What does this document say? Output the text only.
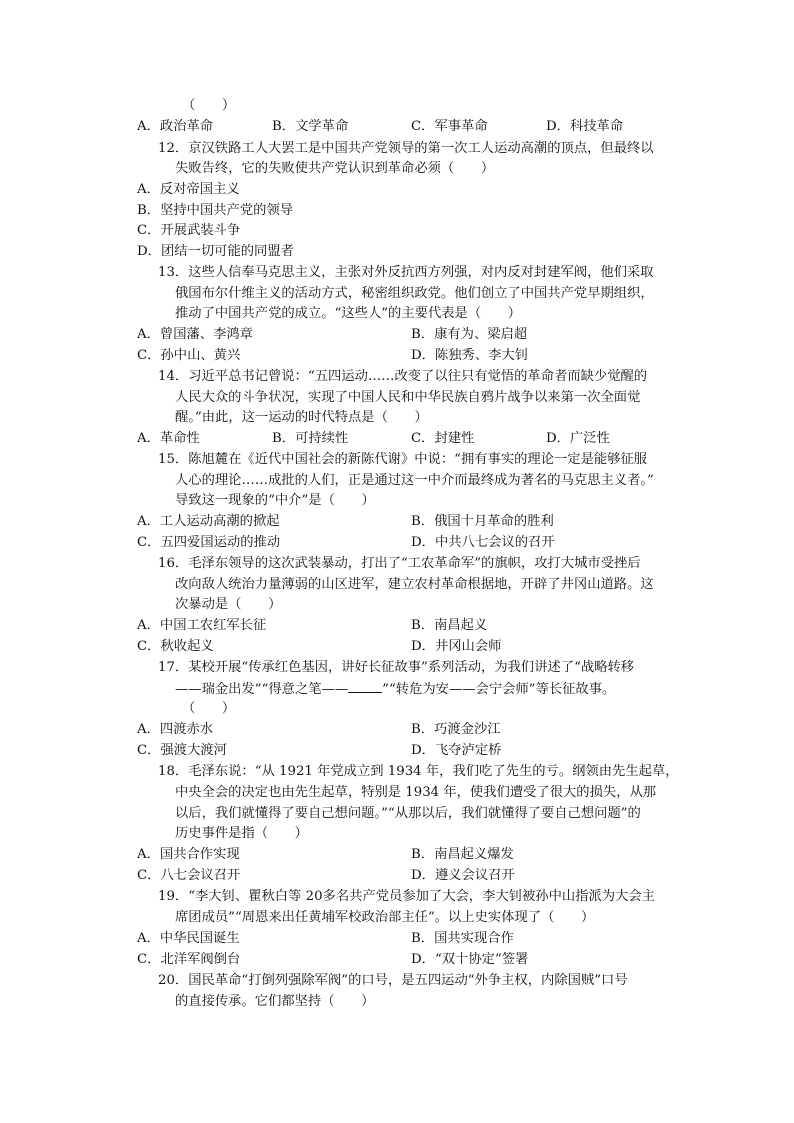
（　　）
A．政治革命	B．文学革命	C．军事革命	D．科技革命
12．京汉铁路工人大罢工是中国共产党领导的第一次工人运动高潮的顶点，但最终以
失败告终，它的失败使共产党认识到革命必须（　　）
A．反对帝国主义
B．坚持中国共产党的领导
C．开展武装斗争
D．团结一切可能的同盟者
13．这些人信奉马克思主义，主张对外反抗西方列强，对内反对封建军阀，他们采取
俄国布尔什维主义的活动方式，秘密组织政党。他们创立了中国共产党早期组织，
推动了中国共产党的成立。“这些人”的主要代表是（　　）
A．曾国藩、李鸿章	B．康有为、梁启超
C．孙中山、黄兴	D．陈独秀、李大钊
14．习近平总书记曾说：“五四运动……改变了以往只有觉悟的革命者而缺少觉醒的
人民大众的斗争状况，实现了中国人民和中华民族自鸦片战争以来第一次全面觉
醒。”由此，这一运动的时代特点是（　　）
A．革命性	B．可持续性	C．封建性	D．广泛性
15．陈旭麓在《近代中国社会的新陈代谢》中说：“拥有事实的理论一定是能够征服
人心的理论……成批的人们，正是通过这一中介而最终成为著名的马克思主义者。”
导致这一现象的“中介”是（　　）
A．工人运动高潮的掀起	B．俄国十月革命的胜利
C．五四爱国运动的推动	D．中共八七会议的召开
16．毛泽东领导的这次武装暴动，打出了“工农革命军”的旗帜，攻打大城市受挫后
改向敌人统治力量薄弱的山区进军，建立农村革命根据地，开辟了井冈山道路。这
次暴动是（　　）
A．中国工农红军长征	B．南昌起义
C．秋收起义	D．井冈山会师
17．某校开展“传承红色基因，讲好长征故事”系列活动，为我们讲述了“战略转移
——瑞金出发”“得意之笔——	”“转危为安——会宁会师”等长征故事。
（　　）
A．四渡赤水	B．巧渡金沙江
C．强渡大渡河	D．飞夺泸定桥
18．毛泽东说：“从 1921 年党成立到 1934 年，我们吃了先生的亏。纲领由先生起草，
中央全会的决定也由先生起草，特别是 1934 年，使我们遭受了很大的损失，从那
以后，我们就懂得了要自己想问题。”“从那以后，我们就懂得了要自己想问题”的
历史事件是指（　　）
A．国共合作实现	B．南昌起义爆发
C．八七会议召开	D．遵义会议召开
19．“李大钊、瞿秋白等 20多名共产党员参加了大会，李大钊被孙中山指派为大会主
席团成员”“周恩来出任黄埔军校政治部主任”。以上史实体现了（　　）
A．中华民国诞生	B．国共实现合作
C．北洋军阀倒台	D．“双十协定”签署
20．国民革命“打倒列强除军阀”的口号，是五四运动“外争主权，内除国贼”口号
的直接传承。它们都坚持（　　）
